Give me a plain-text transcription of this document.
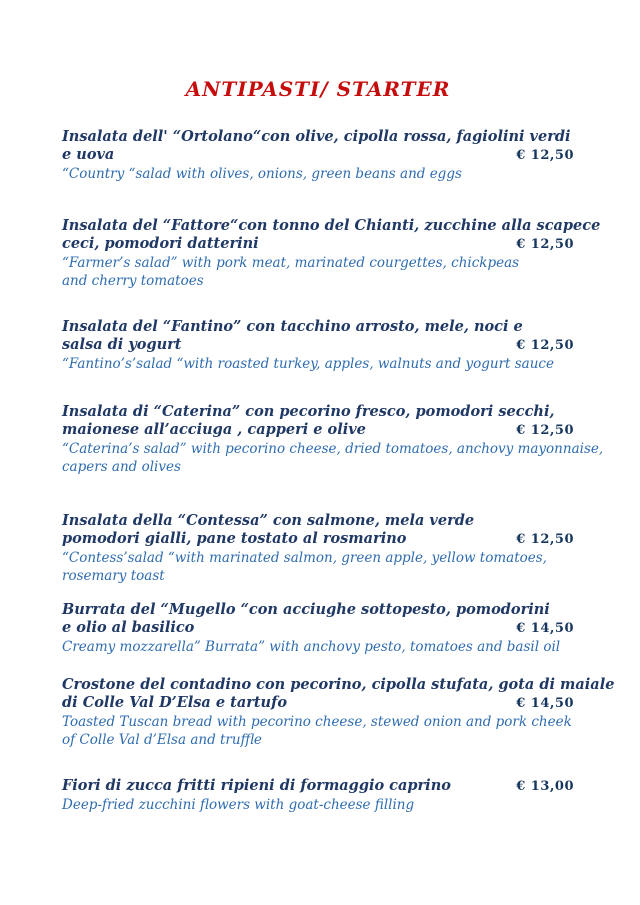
ANTIPASTI/ STARTER
Insalata dell' “Ortolano“con olive, cipolla rossa, fagiolini verdi
e uova	€ 12,50
“Country “salad with olives, onions, green beans and eggs
Insalata del “Fattore“con tonno del Chianti, zucchine alla scapece
ceci, pomodori datterini	€ 12,50
“Farmer’s salad” with pork meat, marinated courgettes, chickpeas
and cherry tomatoes
Insalata del “Fantino” con tacchino arrosto, mele, noci e
salsa di yogurt	€ 12,50
“Fantino’s’salad “with roasted turkey, apples, walnuts and yogurt sauce
Insalata di “Caterina” con pecorino fresco, pomodori secchi,
maionese all’acciuga , capperi e olive	€ 12,50
“Caterina’s salad” with pecorino cheese, dried tomatoes, anchovy mayonnaise,
capers and olives
Insalata della “Contessa” con salmone, mela verde
pomodori gialli, pane tostato al rosmarino	€ 12,50
“Contess’salad “with marinated salmon, green apple, yellow tomatoes,
rosemary toast
Burrata del “Mugello “con acciughe sottopesto, pomodorini
e olio al basilico	€ 14,50
Creamy mozzarella” Burrata” with anchovy pesto, tomatoes and basil oil
Crostone del contadino con pecorino, cipolla stufata, gota di maiale
di Colle Val D’Elsa e tartufo	€ 14,50
Toasted Tuscan bread with pecorino cheese, stewed onion and pork cheek
of Colle Val d’Elsa and truffle
Fiori di zucca fritti ripieni di formaggio caprino	€ 13,00
Deep-fried zucchini flowers with goat-cheese filling
